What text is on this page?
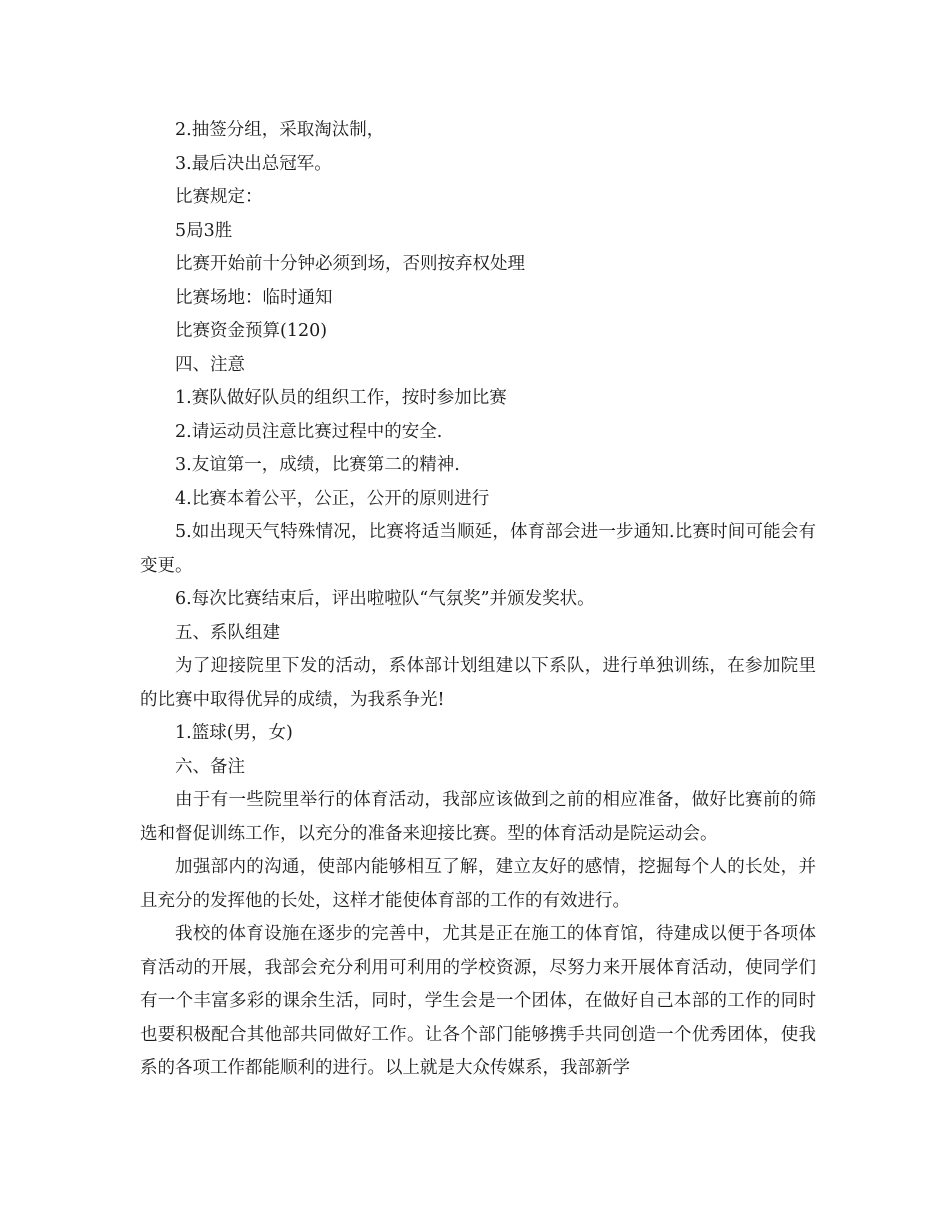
2.抽签分组，采取淘汰制，

3.最后决出总冠军。

比赛规定：

5局3胜

比赛开始前十分钟必须到场，否则按弃权处理

比赛场地：临时通知

比赛资金预算(120)

四、注意

1.赛队做好队员的组织工作，按时参加比赛

2.请运动员注意比赛过程中的安全.

3.友谊第一，成绩，比赛第二的精神.

4.比赛本着公平，公正，公开的原则进行

5.如出现天气特殊情况，比赛将适当顺延，体育部会进一步通知.比赛时间可能会有变更。

6.每次比赛结束后，评出啦啦队“气氛奖”并颁发奖状。

五、系队组建

为了迎接院里下发的活动，系体部计划组建以下系队，进行单独训练，在参加院里的比赛中取得优异的成绩，为我系争光!

1.篮球(男，女)

六、备注

由于有一些院里举行的体育活动，我部应该做到之前的相应准备，做好比赛前的筛选和督促训练工作，以充分的准备来迎接比赛。型的体育活动是院运动会。

加强部内的沟通，使部内能够相互了解，建立友好的感情，挖掘每个人的长处，并且充分的发挥他的长处，这样才能使体育部的工作的有效进行。

我校的体育设施在逐步的完善中，尤其是正在施工的体育馆，待建成以便于各项体育活动的开展，我部会充分利用可利用的学校资源，尽努力来开展体育活动，使同学们有一个丰富多彩的课余生活，同时，学生会是一个团体，在做好自己本部的工作的同时也要积极配合其他部共同做好工作。让各个部门能够携手共同创造一个优秀团体，使我系的各项工作都能顺利的进行。以上就是大众传媒系，我部新学
